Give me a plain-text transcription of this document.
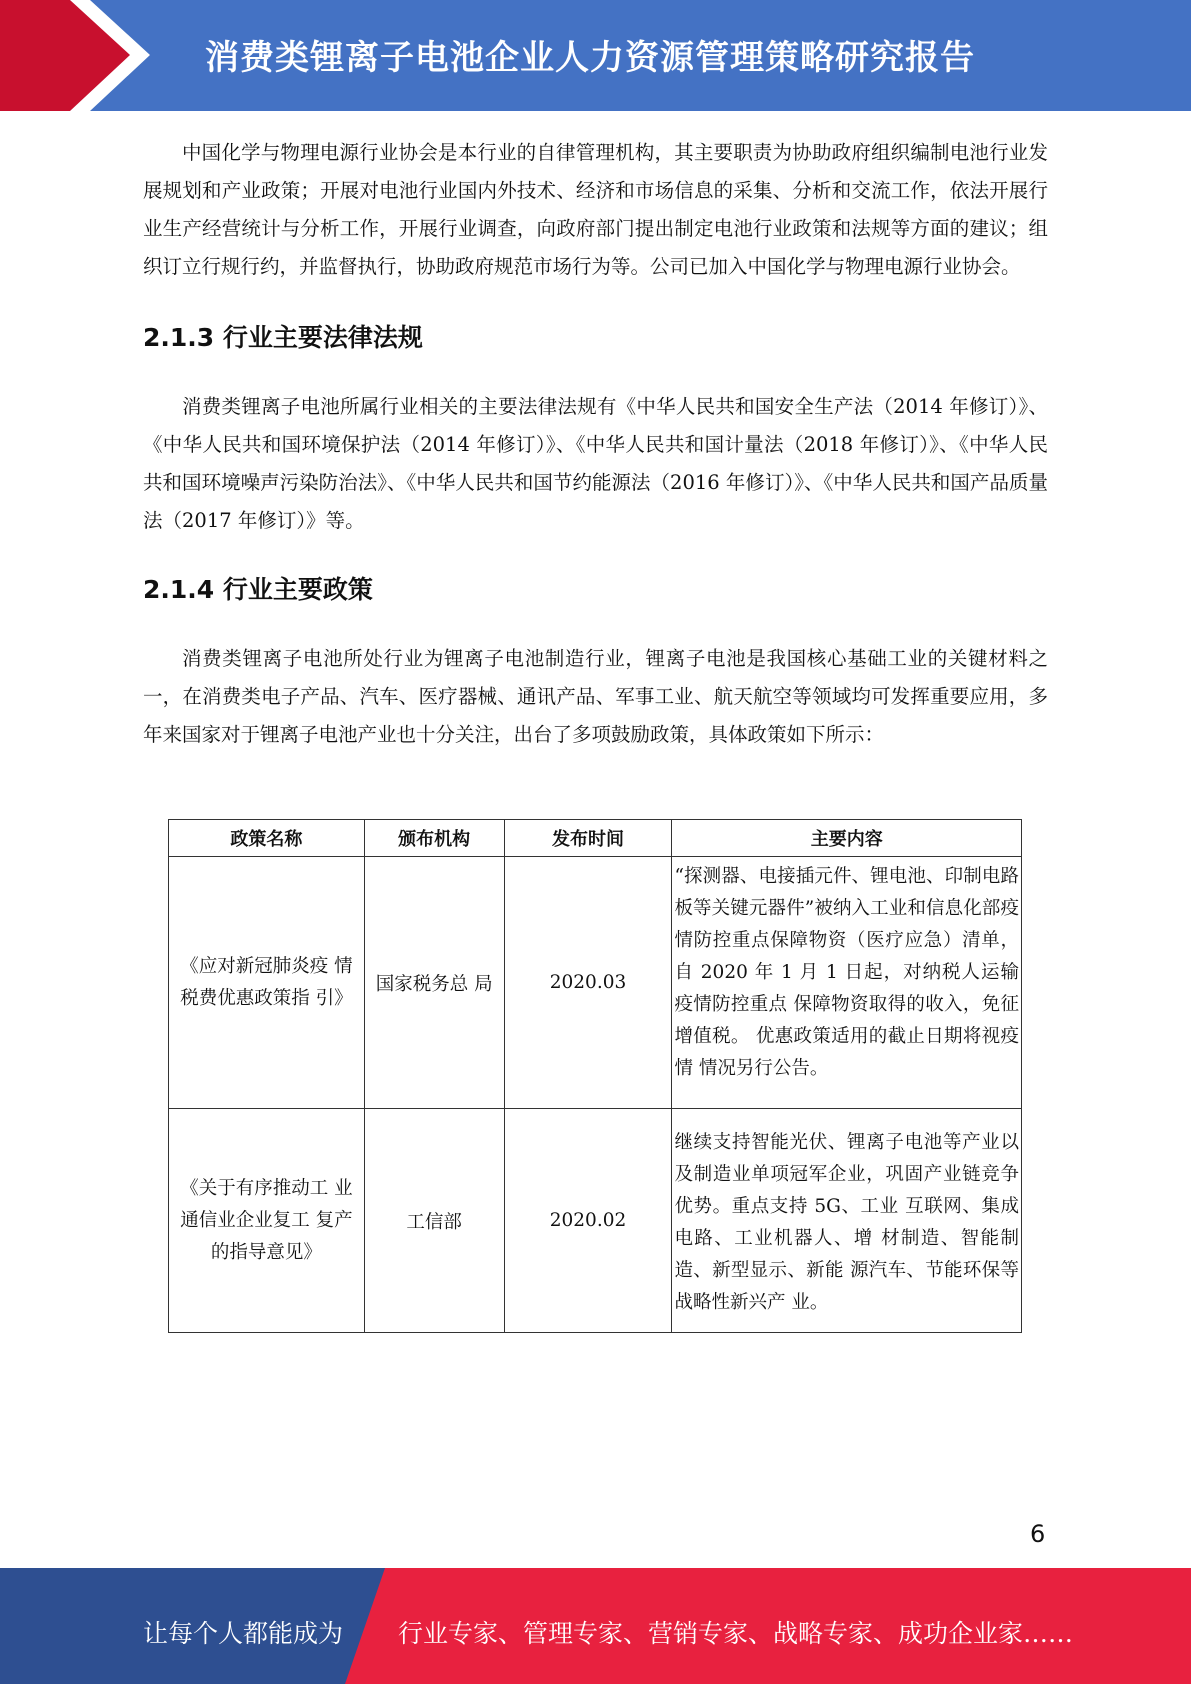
消费类锂离子电池企业人力资源管理策略研究报告

中国化学与物理电源行业协会是本行业的自律管理机构，其主要职责为协助政府组织编制电池行业发展规划和产业政策；开展对电池行业国内外技术、经济和市场信息的采集、分析和交流工作，依法开展行业生产经营统计与分析工作，开展行业调查，向政府部门提出制定电池行业政策和法规等方面的建议；组织订立行规行约，并监督执行，协助政府规范市场行为等。公司已加入中国化学与物理电源行业协会。

2.1.3 行业主要法律法规

消费类锂离子电池所属行业相关的主要法律法规有《中华人民共和国安全生产法（2014 年修订）》、《中华人民共和国环境保护法（2014 年修订）》、《中华人民共和国计量法（2018 年修订）》、《中华人民共和国环境噪声污染防治法》、《中华人民共和国节约能源法（2016 年修订）》、《中华人民共和国产品质量法（2017 年修订）》等。

2.1.4 行业主要政策

消费类锂离子电池所处行业为锂离子电池制造行业，锂离子电池是我国核心基础工业的关键材料之一，在消费类电子产品、汽车、医疗器械、通讯产品、军事工业、航天航空等领域均可发挥重要应用，多年来国家对于锂离子电池产业也十分关注，出台了多项鼓励政策，具体政策如下所示：

政策名称	颁布机构	发布时间	主要内容
《应对新冠肺炎疫 情税费优惠政策指 引》	国家税务总 局	2020.03	“探测器、电接插元件、锂电池、印制电路板等关键元器件”被纳入工业和信息化部疫情防控重点保障物资（医疗应急）清单，自 2020 年 1 月 1 日起，对纳税人运输疫情防控重点 保障物资取得的收入，免征增值税。 优惠政策适用的截止日期将视疫情 情况另行公告。
《关于有序推动工 业通信业企业复工 复产的指导意见》	工信部	2020.02	继续支持智能光伏、锂离子电池等产业以及制造业单项冠军企业，巩固产业链竞争优势。重点支持 5G、工业 互联网、集成电路、工业机器人、增 材制造、智能制造、新型显示、新能 源汽车、节能环保等战略性新兴产 业。
6
让每个人都能成为 行业专家、管理专家、营销专家、战略专家、成功企业家……
